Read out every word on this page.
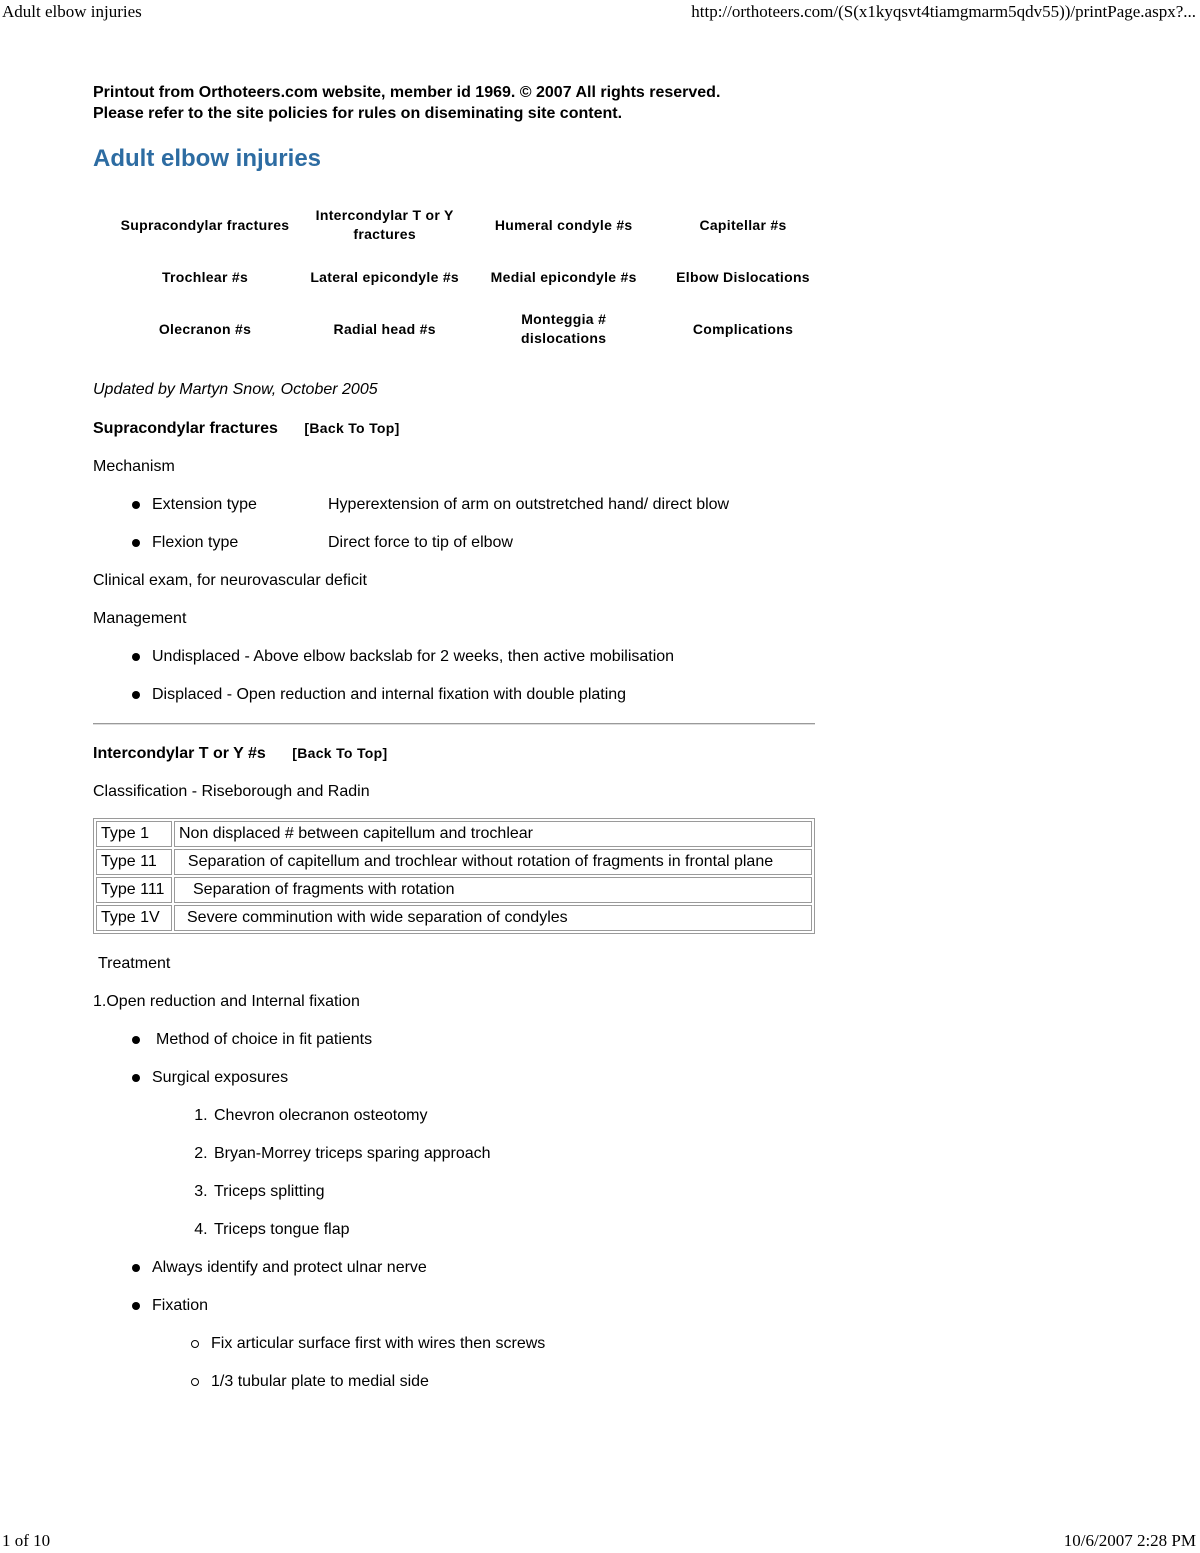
Adult elbow injuries	http://orthoteers.com/(S(x1kyqsvt4tiamgmarm5qdv55))/printPage.aspx?...

Printout from Orthoteers.com website, member id 1969. © 2007 All rights reserved.
Please refer to the site policies for rules on diseminating site content.

Adult elbow injuries
Supracondylar fractures	Intercondylar T or Y fractures	Humeral condyle #s	Capitellar #s
Trochlear #s	Lateral epicondyle #s	Medial epicondyle #s	Elbow Dislocations
Olecranon #s	Radial head #s	Monteggia # dislocations	Complications

Updated by Martyn Snow, October 2005

Supracondylar fractures [Back To Top]

Mechanism

Extension type	Hyperextension of arm on outstretched hand/ direct blow
Flexion type	Direct force to tip of elbow

Clinical exam, for neurovascular deficit

Management

Undisplaced - Above elbow backslab for 2 weeks, then active mobilisation
Displaced - Open reduction and internal fixation with double plating
Intercondylar T or Y #s [Back To Top]

Classification - Riseborough and Radin

Type 1	Non displaced # between capitellum and trochlear
Type 11	Separation of capitellum and trochlear without rotation of fragments in frontal plane
Type 111	Separation of fragments with rotation
Type 1V	Severe comminution with wide separation of condyles

Treatment

1.Open reduction and Internal fixation

Method of choice in fit patients
Surgical exposures
1. Chevron olecranon osteotomy
2. Bryan-Morrey triceps sparing approach
3. Triceps splitting
4. Triceps tongue flap
Always identify and protect ulnar nerve
Fixation
Fix articular surface first with wires then screws
1/3 tubular plate to medial side
1 of 10	10/6/2007 2:28 PM
